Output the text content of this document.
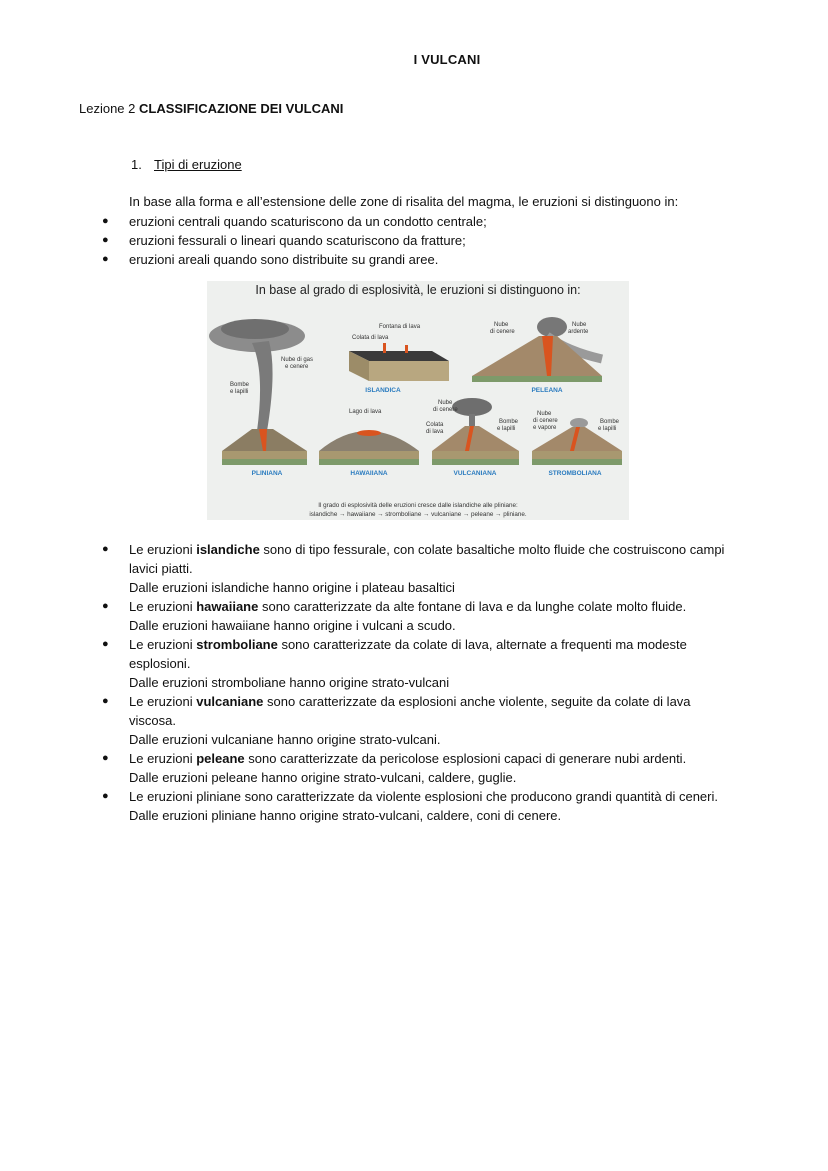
I VULCANI
Lezione 2 CLASSIFICAZIONE DEI VULCANI
1. Tipi di eruzione
In base alla forma e all’estensione delle zone di risalita del magma, le eruzioni si distinguono in:
● eruzioni centrali quando scaturiscono da un condotto centrale;
● eruzioni fessurali o lineari quando scaturiscono da fratture;
● eruzioni areali quando sono distribuite su grandi aree.
In base al grado di esplosività, le eruzioni si distinguono in:
Nube di gas
e cenere
Bombe
e lapilli
PLINIANA
Fontana di lava
Colata di lava
ISLANDICA
Nube
di cenere
Nube
ardente
PELEANA
Lago di lava
HAWAIIANA
Nube
di cenere
Colata
di lava
Bombe
e lapilli
VULCANIANA
Nube
di cenere
e vapore
Bombe
e lapilli
STROMBOLIANA
Il grado di esplosività delle eruzioni cresce dalle islandiche alle pliniane:
islandiche → hawaiiane → stromboliane → vulcaniane → peleane → pliniane.
● Le eruzioni islandiche sono di tipo fessurale, con colate basaltiche molto fluide che costruiscono campi lavici piatti.
Dalle eruzioni islandiche hanno origine i plateau basaltici
● Le eruzioni hawaiiane sono caratterizzate da alte fontane di lava e da lunghe colate molto fluide.
Dalle eruzioni hawaiiane hanno origine i vulcani a scudo.
● Le eruzioni stromboliane sono caratterizzate da colate di lava, alternate a frequenti ma modeste esplosioni.
Dalle eruzioni stromboliane hanno origine strato-vulcani
● Le eruzioni vulcaniane sono caratterizzate da esplosioni anche violente, seguite da colate di lava viscosa.
Dalle eruzioni vulcaniane hanno origine strato-vulcani.
● Le eruzioni peleane sono caratterizzate da pericolose esplosioni capaci di generare nubi ardenti.
Dalle eruzioni peleane hanno origine strato-vulcani, caldere, guglie.
● Le eruzioni pliniane sono caratterizzate da violente esplosioni che producono grandi quantità di ceneri.
Dalle eruzioni pliniane hanno origine strato-vulcani, caldere, coni di cenere.
